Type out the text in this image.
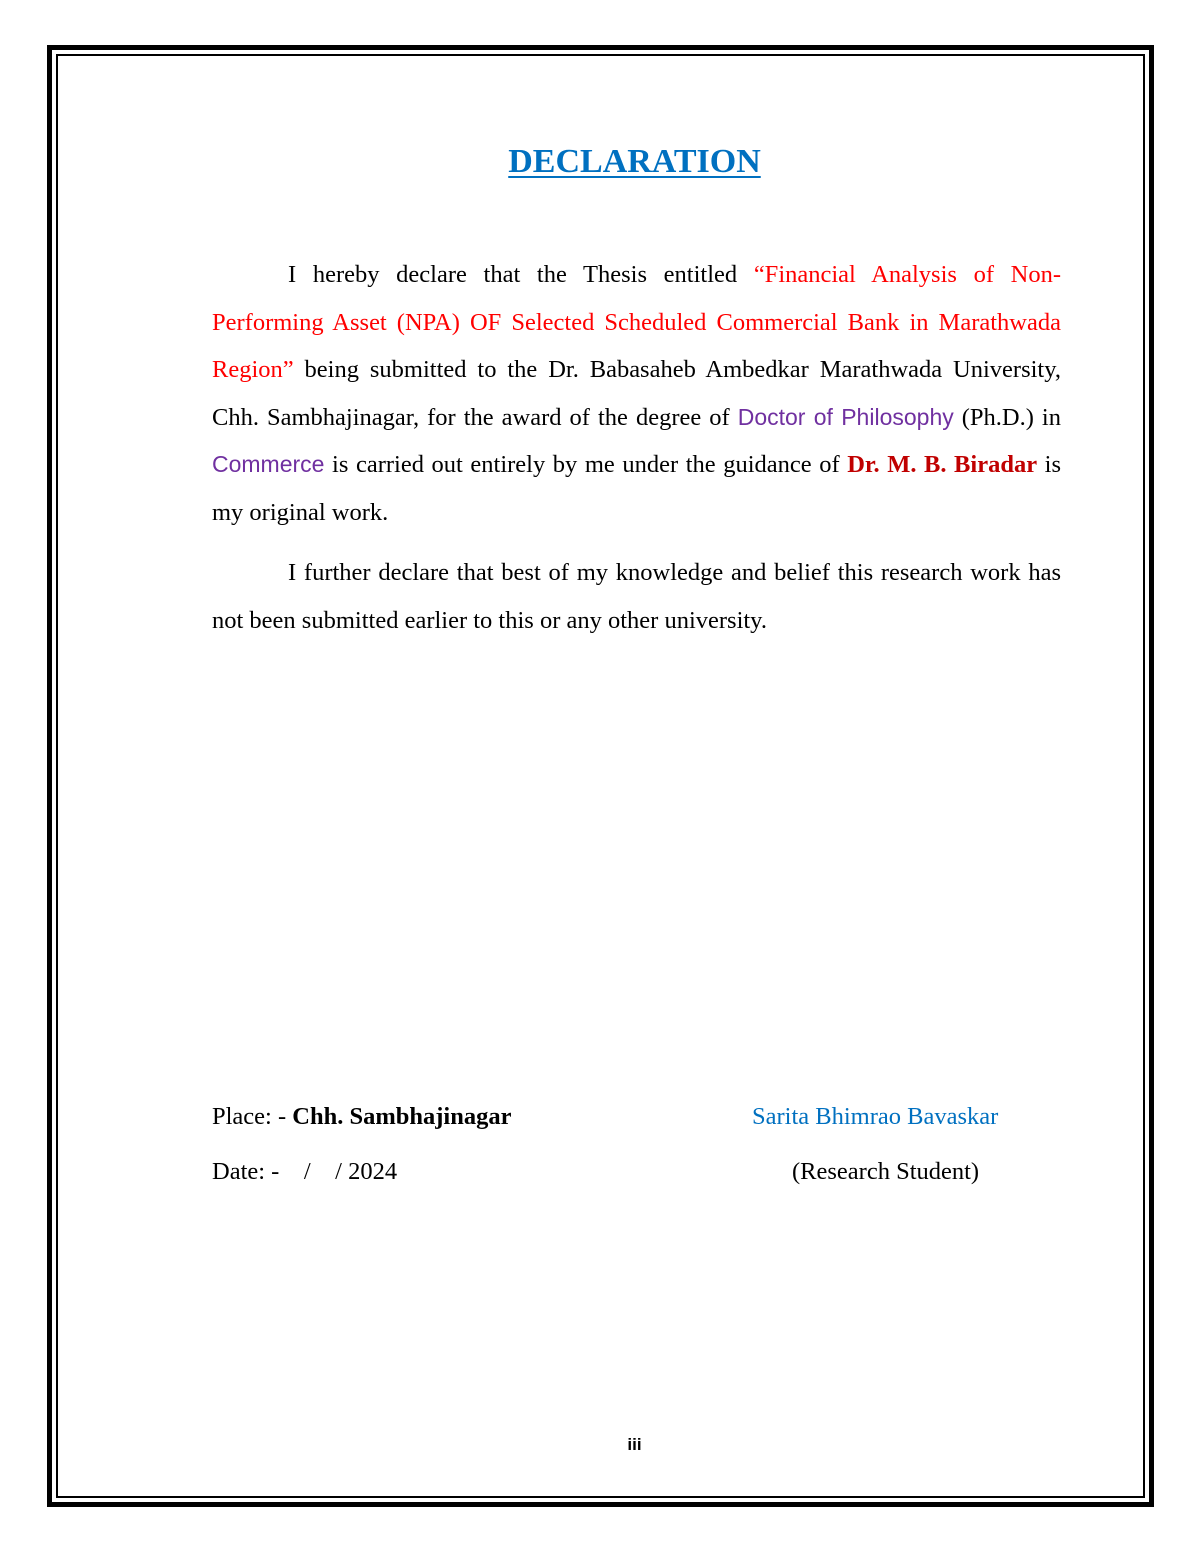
DECLARATION

I hereby declare that the Thesis entitled “Financial Analysis of Non-Performing Asset (NPA) OF Selected Scheduled Commercial Bank in Marathwada Region” being submitted to the Dr. Babasaheb Ambedkar Marathwada University, Chh. Sambhajinagar, for the award of the degree of Doctor of Philosophy (Ph.D.) in Commerce is carried out entirely by me under the guidance of Dr. M. B. Biradar is my original work.

I further declare that best of my knowledge and belief this research work has not been submitted earlier to this or any other university.

Place: - Chh. Sambhajinagar
Date: -    /    / 2024
Sarita Bhimrao Bavaskar
(Research Student)
iii
